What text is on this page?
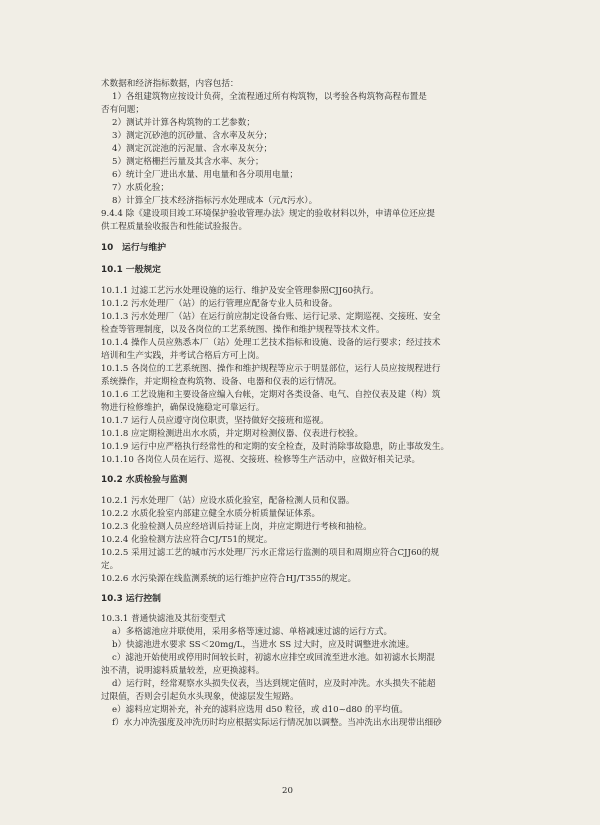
术数据和经济指标数据，内容包括：
1）各组建筑物应按设计负荷，全流程通过所有构筑物，以考验各构筑物高程布置是
否有问题；
2）测试并计算各构筑物的工艺参数；
3）测定沉砂池的沉砂量、含水率及灰分；
4）测定沉淀池的污泥量、含水率及灰分；
5）测定格栅拦污量及其含水率、灰分；
6）统计全厂进出水量、用电量和各分项用电量；
7）水质化验；
8）计算全厂技术经济指标污水处理成本（元/t污水）。
9.4.4 除《建设项目竣工环境保护验收管理办法》规定的验收材料以外，申请单位还应提
供工程质量验收报告和性能试验报告。
10　运行与维护
10.1 一般规定
10.1.1 过滤工艺污水处理设施的运行、维护及安全管理参照CJJ60执行。
10.1.2 污水处理厂（站）的运行管理应配备专业人员和设备。
10.1.3 污水处理厂（站）在运行前应制定设备台账、运行记录、定期巡视、交接班、安全
检查等管理制度，以及各岗位的工艺系统图、操作和维护规程等技术文件。
10.1.4 操作人员应熟悉本厂（站）处理工艺技术指标和设施、设备的运行要求；经过技术
培训和生产实践，并考试合格后方可上岗。
10.1.5 各岗位的工艺系统图、操作和维护规程等应示于明显部位，运行人员应按规程进行
系统操作，并定期检查构筑物、设备、电器和仪表的运行情况。
10.1.6 工艺设施和主要设备应编入台帐，定期对各类设备、电气、自控仪表及建（构）筑
物进行检修维护，确保设施稳定可靠运行。
10.1.7 运行人员应遵守岗位职责，坚持做好交接班和巡视。
10.1.8 应定期检测进出水水质，并定期对检测仪器、仪表进行校验。
10.1.9 运行中应严格执行经常性的和定期的安全检查，及时消除事故隐患，防止事故发生。
10.1.10 各岗位人员在运行、巡视、交接班、检修等生产活动中，应做好相关记录。
10.2 水质检验与监测
10.2.1 污水处理厂（站）应设水质化验室，配备检测人员和仪器。
10.2.2 水质化验室内部建立健全水质分析质量保证体系。
10.2.3 化验检测人员应经培训后持证上岗，并应定期进行考核和抽检。
10.2.4 化验检测方法应符合CJ/T51的规定。
10.2.5 采用过滤工艺的城市污水处理厂污水正常运行监测的项目和周期应符合CJJ60的规
定。
10.2.6 水污染源在线监测系统的运行维护应符合HJ/T355的规定。
10.3 运行控制
10.3.1 普通快滤池及其衍变型式
a）多格滤池应并联使用，采用多格等速过滤、单格减速过滤的运行方式。
b）快滤池进水要求 SS＜20mg/L，当进水 SS 过大时，应及时调整进水流速。
c）滤池开始使用或停用时间较长时，初滤水应排空或回流至进水池。如初滤水长期混
浊不清，说明滤料质量较差，应更换滤料。
d）运行时，经常观察水头损失仪表，当达到规定值时，应及时冲洗。水头损失不能超
过限值，否则会引起负水头现象，使滤层发生短路。
e）滤料应定期补充，补充的滤料应选用 d50 粒径，或 d10~d80 的平均值。
f）水力冲洗强度及冲洗历时均应根据实际运行情况加以调整。当冲洗出水出现带出细砂
20
